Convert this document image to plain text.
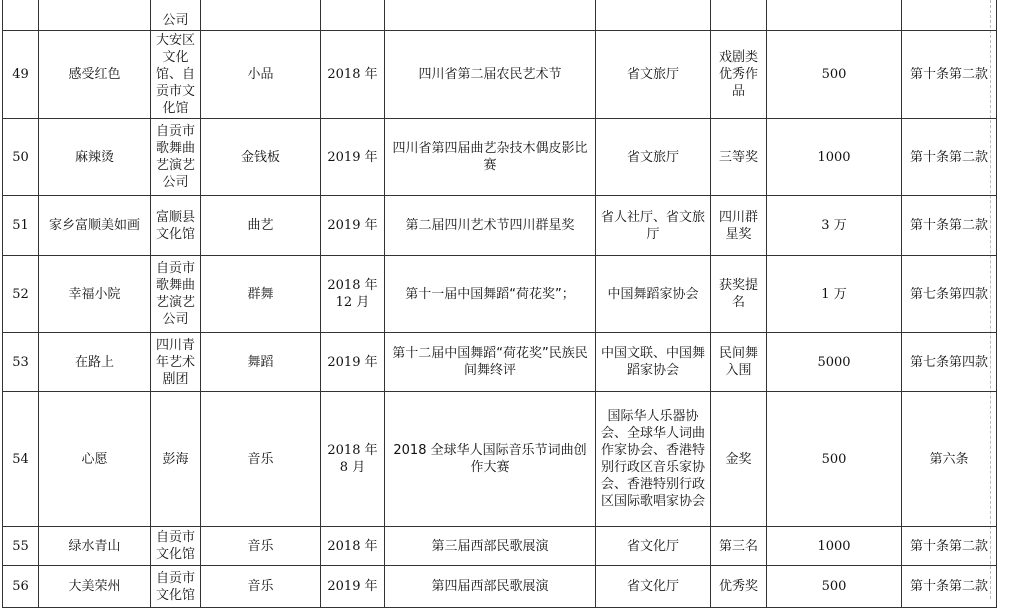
		公司							
49	感受红色	大安区文化馆、自贡市文化馆	小品	2018 年	四川省第二届农民艺术节	省文旅厅	戏剧类优秀作品	500	第十条第二款
50	麻辣烫	自贡市歌舞曲艺演艺公司	金钱板	2019 年	四川省第四届曲艺杂技木偶皮影比赛	省文旅厅	三等奖	1000	第十条第二款
51	家乡富顺美如画	富顺县文化馆	曲艺	2019 年	第二届四川艺术节四川群星奖	省人社厅、省文旅厅	四川群星奖	3 万	第十条第二款
52	幸福小院	自贡市歌舞曲艺演艺公司	群舞	2018 年 12 月	第十一届中国舞蹈“荷花奖”；	中国舞蹈家协会	获奖提名	1 万	第七条第四款
53	在路上	四川青年艺术剧团	舞蹈	2019 年	第十二届中国舞蹈“荷花奖”民族民间舞终评	中国文联、中国舞蹈家协会	民间舞入围	5000	第七条第四款
54	心愿	彭海	音乐	2018 年 8 月	2018 全球华人国际音乐节词曲创作大赛	国际华人乐器协会、全球华人词曲作家协会、香港特别行政区音乐家协会、香港特别行政区国际歌唱家协会	金奖	500	第六条
55	绿水青山	自贡市文化馆	音乐	2018 年	第三届西部民歌展演	省文化厅	第三名	1000	第十条第二款
56	大美荣州	自贡市文化馆	音乐	2019 年	第四届西部民歌展演	省文化厅	优秀奖	500	第十条第二款
